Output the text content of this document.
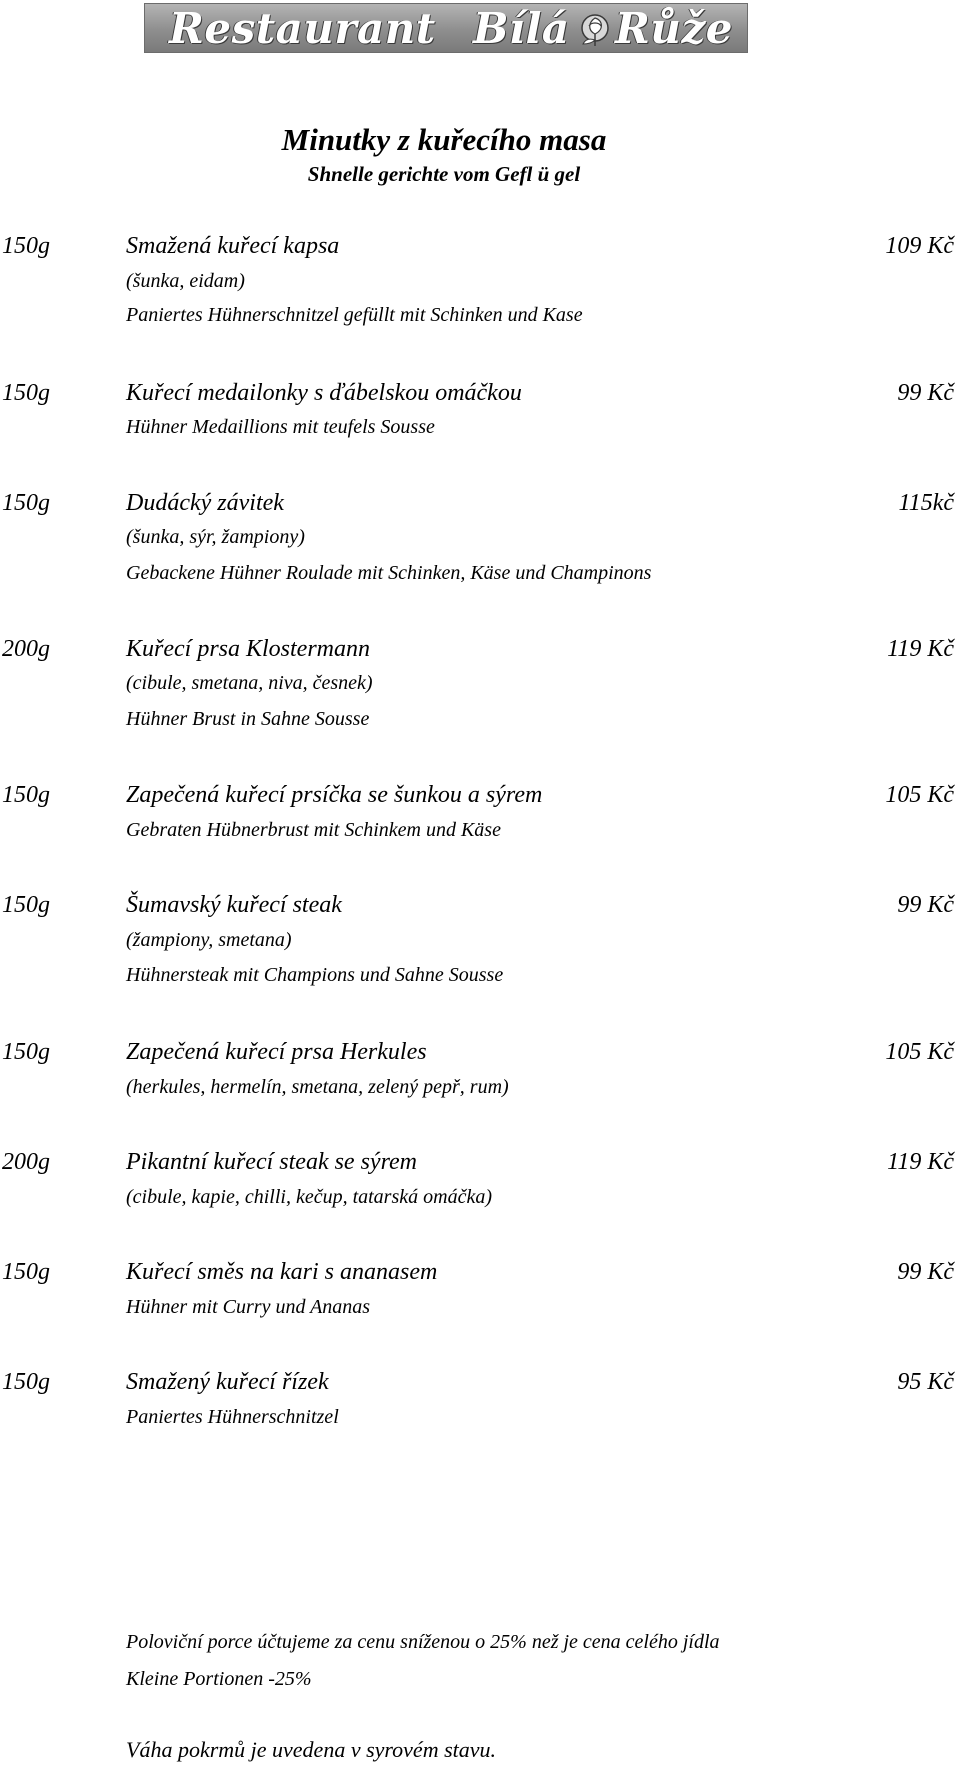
Restaurant Bílá Růže
Minutky z kuřecího masa
Shnelle gerichte vom Gefl ü gel
150g	Smažená kuřecí kapsa	109 Kč
(šunka, eidam)
Paniertes Hühnerschnitzel gefüllt mit Schinken und Kase
150g	Kuřecí medailonky s ďábelskou omáčkou	99 Kč
Hühner Medaillions mit teufels Sousse
150g	Dudácký závitek	115kč
(šunka, sýr, žampiony)
Gebackene Hühner Roulade mit Schinken, Käse und Champinons
200g	Kuřecí prsa Klostermann	119 Kč
(cibule, smetana, niva, česnek)
Hühner Brust in Sahne Sousse
150g	Zapečená kuřecí prsíčka se šunkou a sýrem	105 Kč
Gebraten Hübnerbrust mit Schinkem und Käse
150g	Šumavský kuřecí steak	99 Kč
(žampiony, smetana)
Hühnersteak mit Champions und Sahne Sousse
150g	Zapečená kuřecí prsa Herkules	105 Kč
(herkules, hermelín, smetana, zelený pepř, rum)
200g	Pikantní kuřecí steak se sýrem	119 Kč
(cibule, kapie, chilli, kečup, tatarská omáčka)
150g	Kuřecí směs na kari s ananasem	99 Kč
Hühner mit Curry und Ananas
150g	Smažený kuřecí řízek	95 Kč
Paniertes Hühnerschnitzel
Poloviční porce účtujeme za cenu sníženou o 25% než je cena celého jídla
Kleine Portionen -25%
Váha pokrmů je uvedena v syrovém stavu.
